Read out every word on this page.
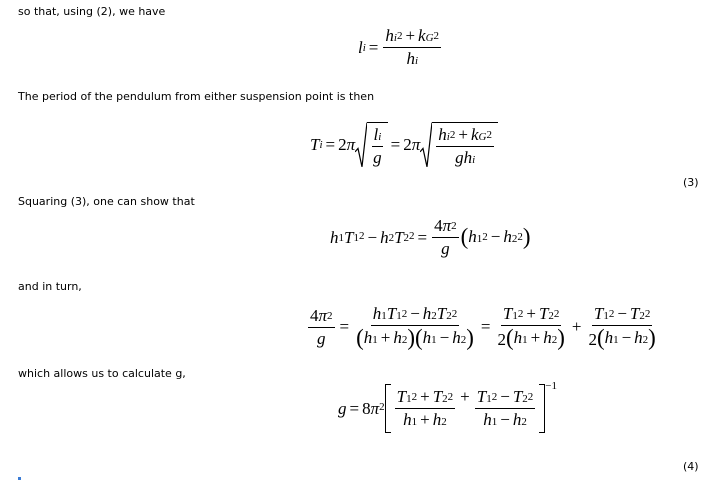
so that, using (2), we have
l $i = \frac{h i^2 + k G^2}{\text{h i}}$
The period of the pendulum from either suspension point is then
T $i = 2\pi \frac{\text{l i}}{g} = 2\pi$
h $i^2 + k$ $G^2$
g h i
(3)
Squaring (3), one can show that
h 1 T $1^2 - h$ 2 T $2^2 = \frac{4\pi^2}{g}$ ( h $1^2 - h$ $2^2$ )
and in turn,
$\frac{4\pi^2}{g} = \frac{h 1 T 1^2 - h 2 T 2^2}{( h 1 + h 2 ) ( h 1 - h 2 )} = \frac{T 1^2 + T 2^2}{2 ( h 1 + h 2 )} + \frac{T 1^2 - T 2^2}{2 ( h 1 - h 2 )}$
which allows us to calculate g,
$g = 8\pi^2 \frac{T 1^2 + T 2^2}{h 1 + h 2} + \frac{T 1^2 - T 2^2}{h 1 - h 2}$
−1
(4)
